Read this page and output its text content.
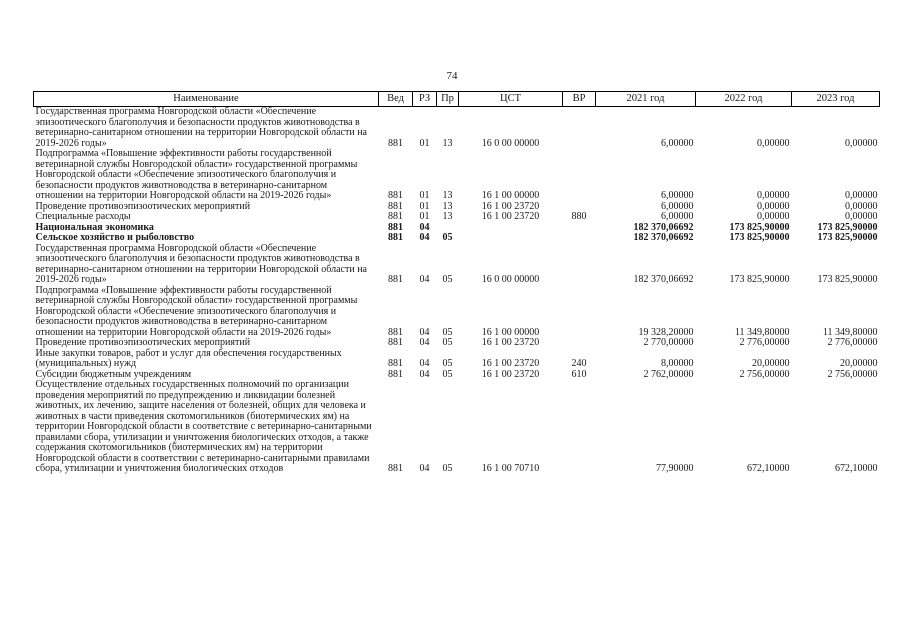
74
Наименование	Вед	РЗ	Пр	ЦСТ	ВР	2021 год	2022 год	2023 год
Государственная программа Новгородской области «Обеспечение эпизоотического благополучия и безопасности продуктов животноводства в ветеринарно-санитарном отношении на территории Новгородской области на 2019-2026 годы»	881	01	13	16 0 00 00000		6,00000	0,00000	0,00000
Подпрограмма «Повышение эффективности работы государственной ветеринарной службы Новгородской области» государственной программы Новгородской области «Обеспечение эпизоотического благополучия и безопасности продуктов животноводства в ветеринарно-санитарном отношении на территории Новгородской области на 2019-2026 годы»	881	01	13	16 1 00 00000		6,00000	0,00000	0,00000
Проведение противоэпизоотических мероприятий	881	01	13	16 1 00 23720		6,00000	0,00000	0,00000
Специальные расходы	881	01	13	16 1 00 23720	880	6,00000	0,00000	0,00000
Национальная экономика	881	04				182 370,06692	173 825,90000	173 825,90000
Сельское хозяйство и рыболовство	881	04	05			182 370,06692	173 825,90000	173 825,90000
Государственная программа Новгородской области «Обеспечение эпизоотического благополучия и безопасности продуктов животноводства в ветеринарно-санитарном отношении на территории Новгородской области на 2019-2026 годы»	881	04	05	16 0 00 00000		182 370,06692	173 825,90000	173 825,90000
Подпрограмма «Повышение эффективности работы государственной ветеринарной службы Новгородской области» государственной программы Новгородской области «Обеспечение эпизоотического благополучия и безопасности продуктов животноводства в ветеринарно-санитарном отношении на территории Новгородской области на 2019-2026 годы»	881	04	05	16 1 00 00000		19 328,20000	11 349,80000	11 349,80000
Проведение противоэпизоотических мероприятий	881	04	05	16 1 00 23720		2 770,00000	2 776,00000	2 776,00000
Иные закупки товаров, работ и услуг для обеспечения государственных (муниципальных) нужд	881	04	05	16 1 00 23720	240	8,00000	20,00000	20,00000
Субсидии бюджетным учреждениям	881	04	05	16 1 00 23720	610	2 762,00000	2 756,00000	2 756,00000
Осуществление отдельных государственных полномочий по организации проведения мероприятий по предупреждению и ликвидации болезней животных, их лечению, защите населения от болезней, общих для человека и животных в части приведения скотомогильников (биотермических ям) на территории Новгородской области в соответствие с ветеринарно-санитарными правилами сбора, утилизации и уничтожения биологических отходов, а также содержания скотомогильников (биотермических ям) на территории Новгородской области в соответствии с ветеринарно-санитарными правилами сбора, утилизации и уничтожения биологических отходов	881	04	05	16 1 00 70710		77,90000	672,10000	672,10000
